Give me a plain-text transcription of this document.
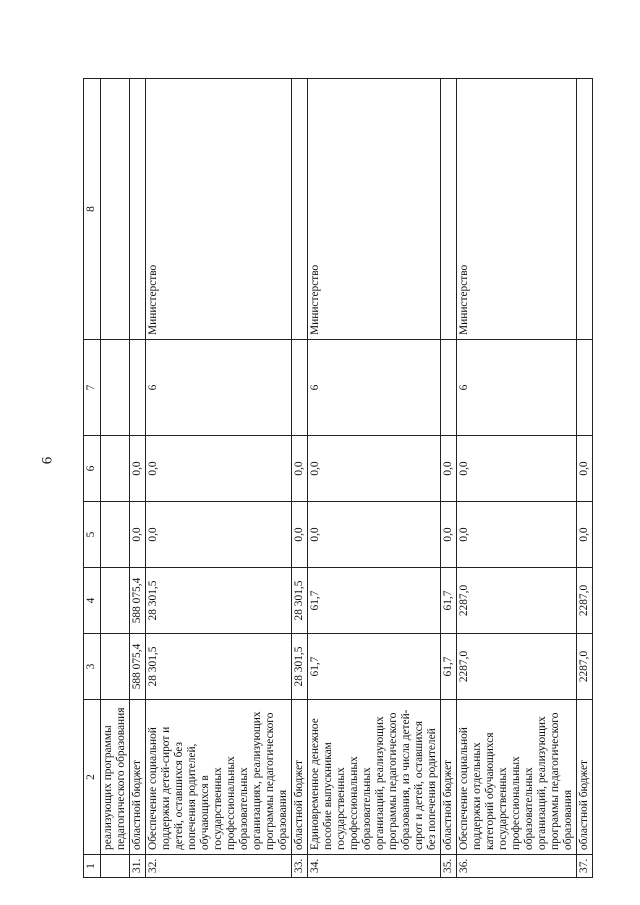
6
1	2	3	4	5	6	7	8
	реализующих программы педагогического образования						
31.	областной бюджет	588 075,4	588 075,4	0,0	0,0		
32.	Обеспечение социальной поддержки детей-сирот и детей, оставшихся без попечения родителей, обучающихся в государственных профессиональных образовательных организациях, реализующих программы педагогического образования	28 301,5	28 301,5	0,0	0,0	6	Министерство
33.	областной бюджет	28 301,5	28 301,5	0,0	0,0		
34.	Единовременное денежное пособие выпускникам государственных профессиональных образовательных организаций, реализующих программы педагогического образования, из числа детей-сирот и детей, оставшихся без попечения родителей	61,7	61,7	0,0	0,0	6	Министерство
35.	областной бюджет	61,7	61,7	0,0	0,0		
36.	Обеспечение социальной поддержки отдельных категорий обучающихся государственных профессиональных образовательных организаций, реализующих программы педагогического образования	2287,0	2287,0	0,0	0,0	6	Министерство
37.	областной бюджет	2287,0	2287,0	0,0	0,0		
